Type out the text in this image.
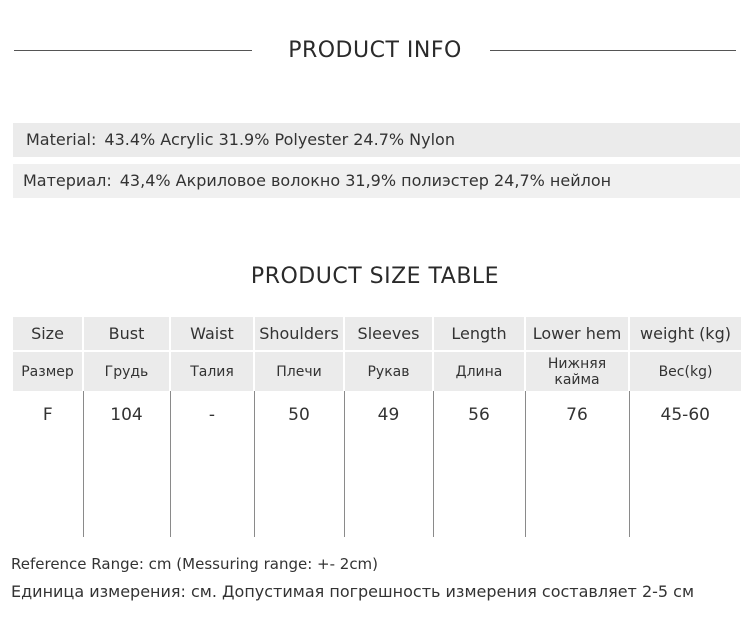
PRODUCT INFO
Material: 43.4% Acrylic 31.9% Polyester 24.7% Nylon
Материал: 43,4% Акриловое волокно 31,9% полиэстер 24,7% нейлон
PRODUCT SIZE TABLE
Size	Bust	Waist	Shoulders	Sleeves	Length	Lower hem	weight (kg)
Размер	Грудь	Талия	Плечи	Рукав	Длина	Нижняя кайма	Вес(kg)
F	104	-	50	49	56	76	45-60
Reference Range: cm (Messuring range: +- 2cm)
Единица измерения: см. Допустимая погрешность измерения составляет 2-5 см
